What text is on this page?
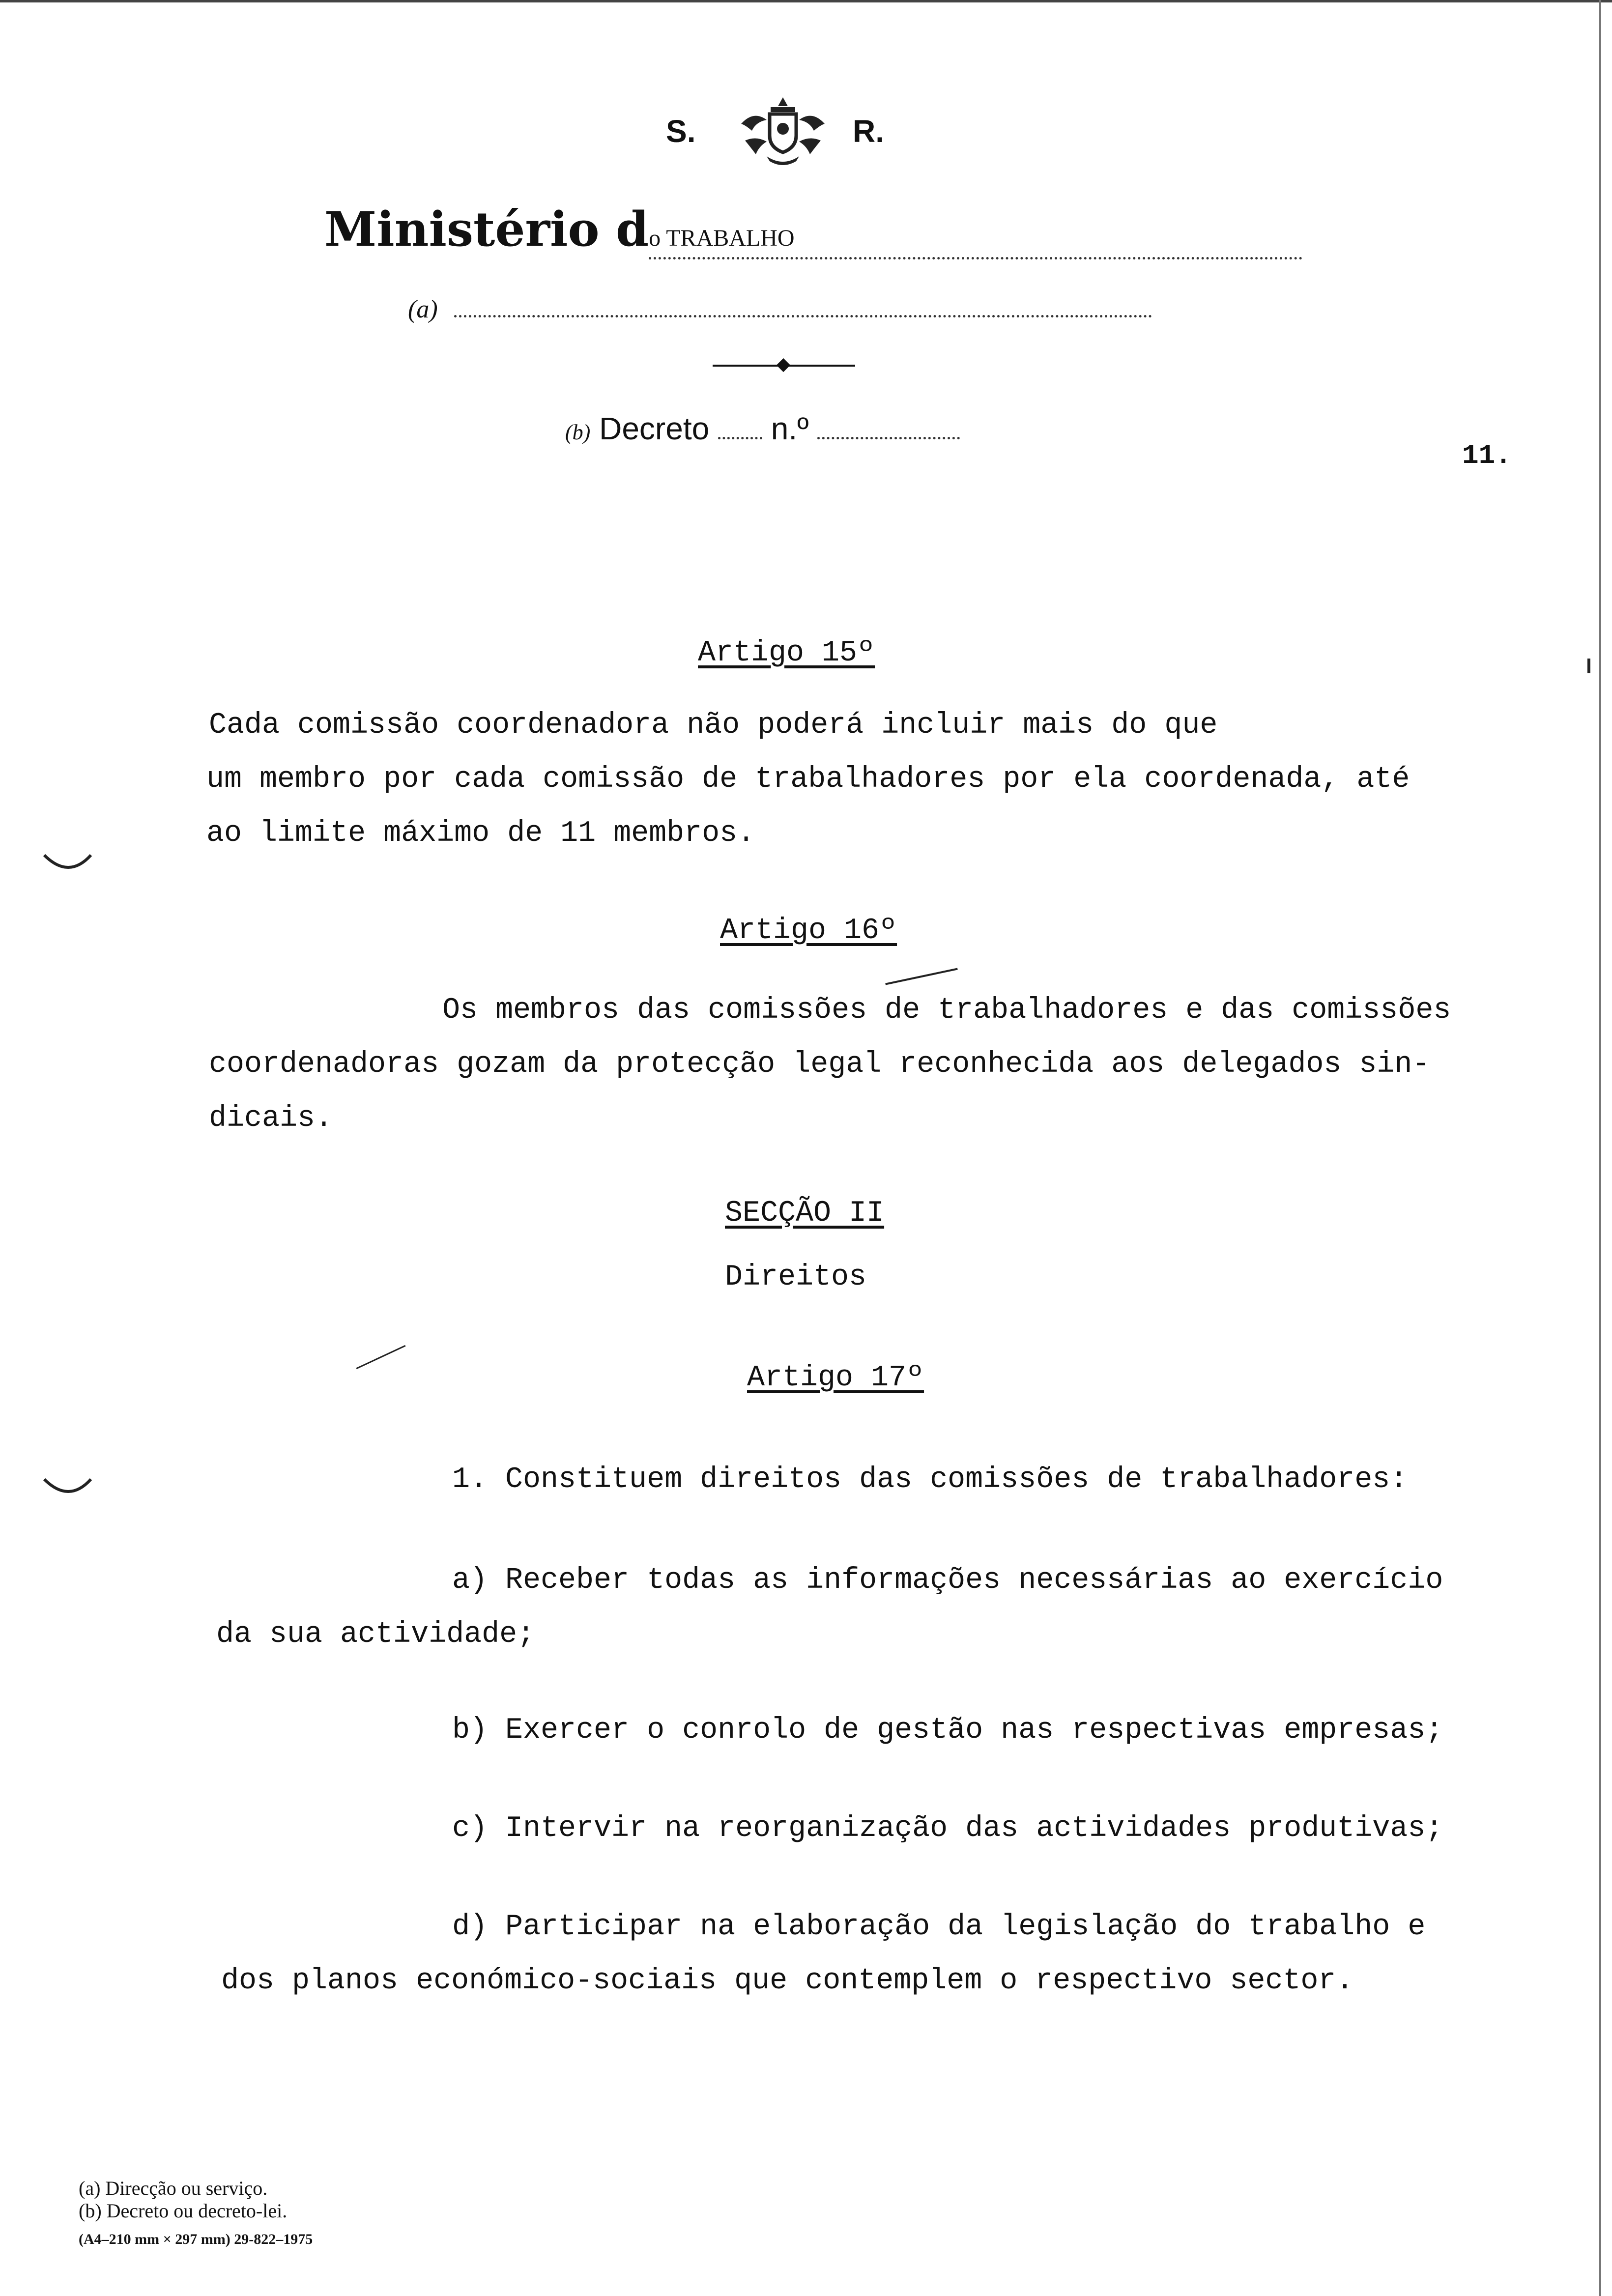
S.	R.
Ministério do TRABALHO
(a)
(b) Decreto n.º
11.
Artigo 15º
Cada comissão coordenadora não poderá incluir mais do que
um membro por cada comissão de trabalhadores por ela coordenada, até
ao limite máximo de 11 membros.
Artigo 16º
Os membros das comissões de trabalhadores e das comissões
coordenadoras gozam da protecção legal reconhecida aos delegados sin-
dicais.
SECÇÃO II
Direitos
Artigo 17º
1. Constituem direitos das comissões de trabalhadores:
a) Receber todas as informações necessárias ao exercício
da sua actividade;
b) Exercer o conrolo de gestão nas respectivas empresas;
c) Intervir na reorganização das actividades produtivas;
d) Participar na elaboração da legislação do trabalho e
dos planos económico-sociais que contemplem o respectivo sector.
(a) Direcção ou serviço.
(b) Decreto ou decreto-lei.
(A4–210 mm × 297 mm) 29-822–1975
